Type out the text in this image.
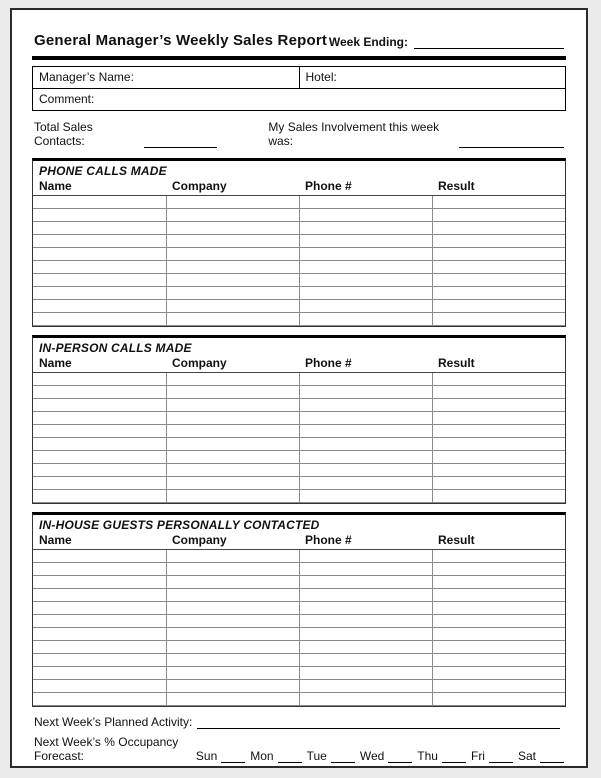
General Manager’s Weekly Sales Report Week Ending:
Manager’s Name:	Hotel:
Comment:
Total Sales Contacts:
My Sales Involvement this week was:
PHONE CALLS MADE
Name	Company	Phone #	Result

IN-PERSON CALLS MADE
Name	Company	Phone #	Result

IN-HOUSE GUESTS PERSONALLY CONTACTED
Name	Company	Phone #	Result

Next Week’s Planned Activity:
Next Week’s % Occupancy Forecast:	Sun	Mon	Tue	Wed	Thu	Fri	Sat
